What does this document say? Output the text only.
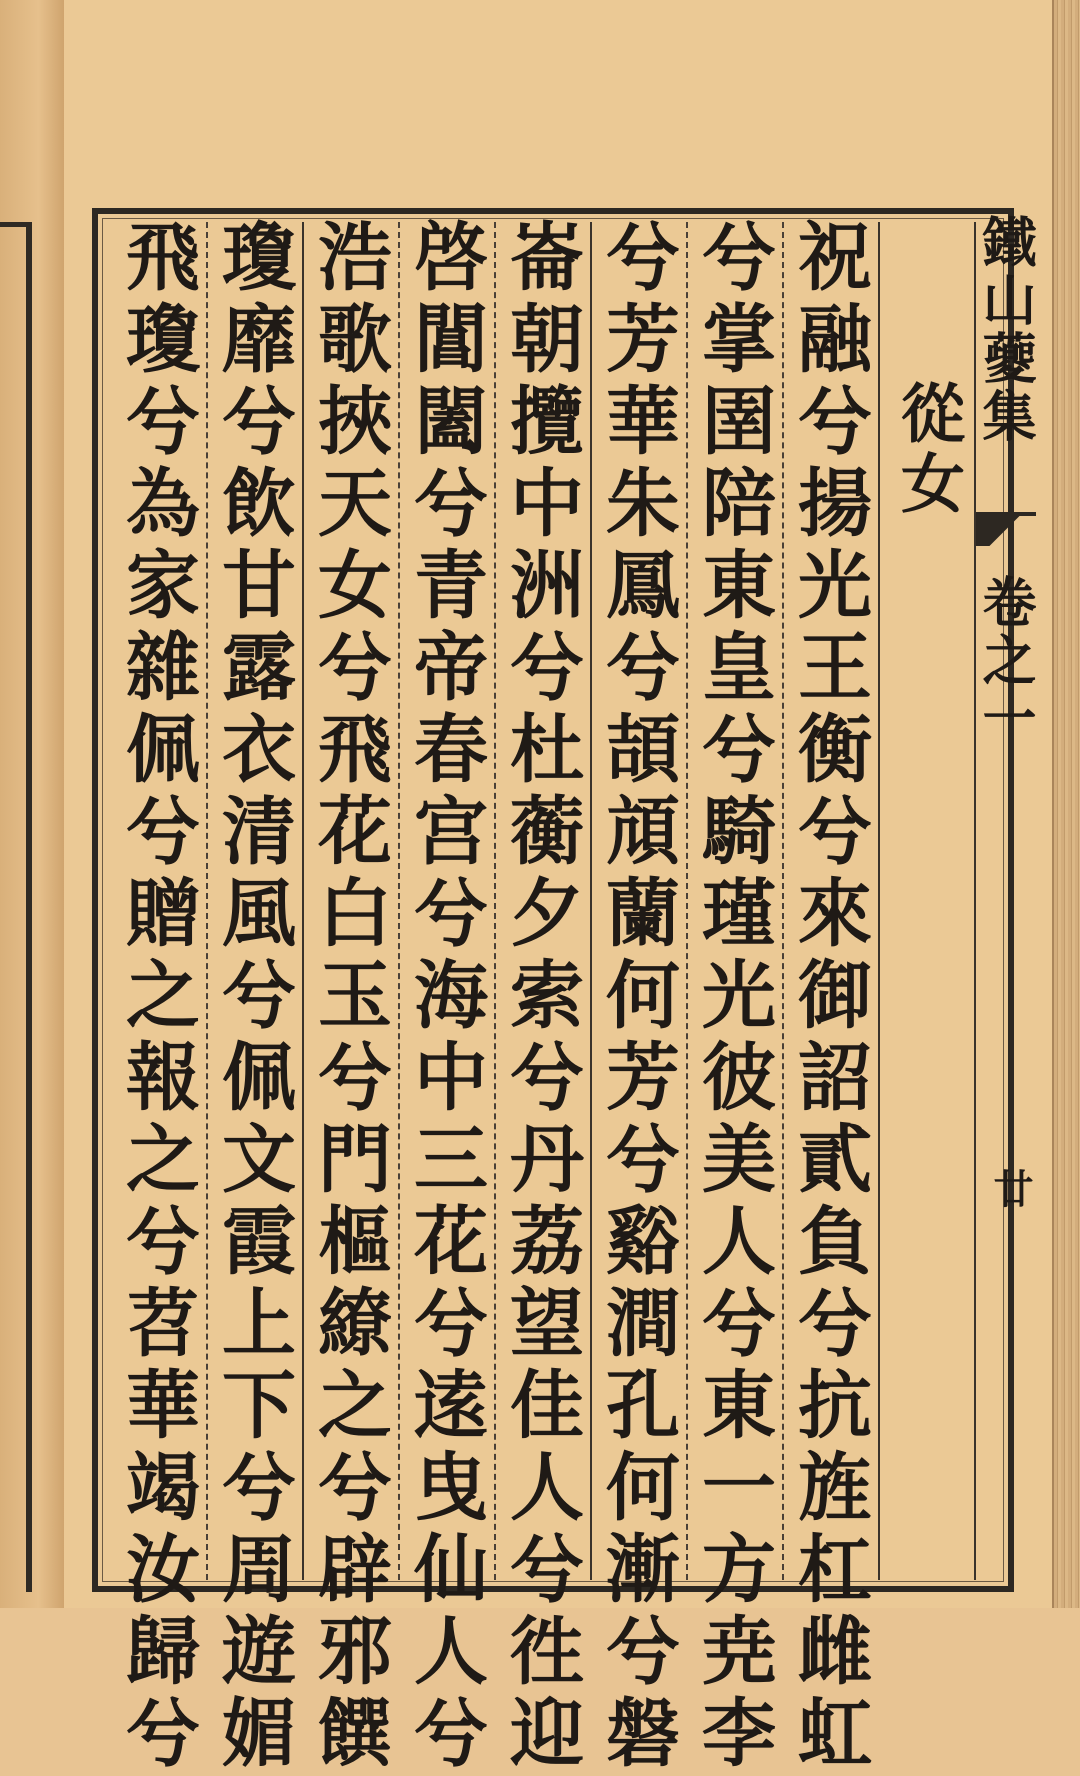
鐵山䕫集
卷之一
廿
從女
祝融兮揚光王衡兮來御詔貳負兮抗旌杠雌虹
兮掌圉陪東皇兮騎瑾光彼美人兮東一方尭李
兮芳華朱鳳兮頡頏蘭何芳兮谿澗孔何漸兮磐
崙朝攬中洲兮杜蘅夕索兮丹荔望佳人兮徃迎
啓閶闔兮青帝春宫兮海中三花兮逺曳仙人兮
浩歌挾天女兮飛花白玉兮門樞繚之兮辟邪饌
瓊靡兮飲甘露衣清風兮佩文霞上下兮周遊媚
飛瓊兮為家雜佩兮贈之報之兮苕華竭汝歸兮
